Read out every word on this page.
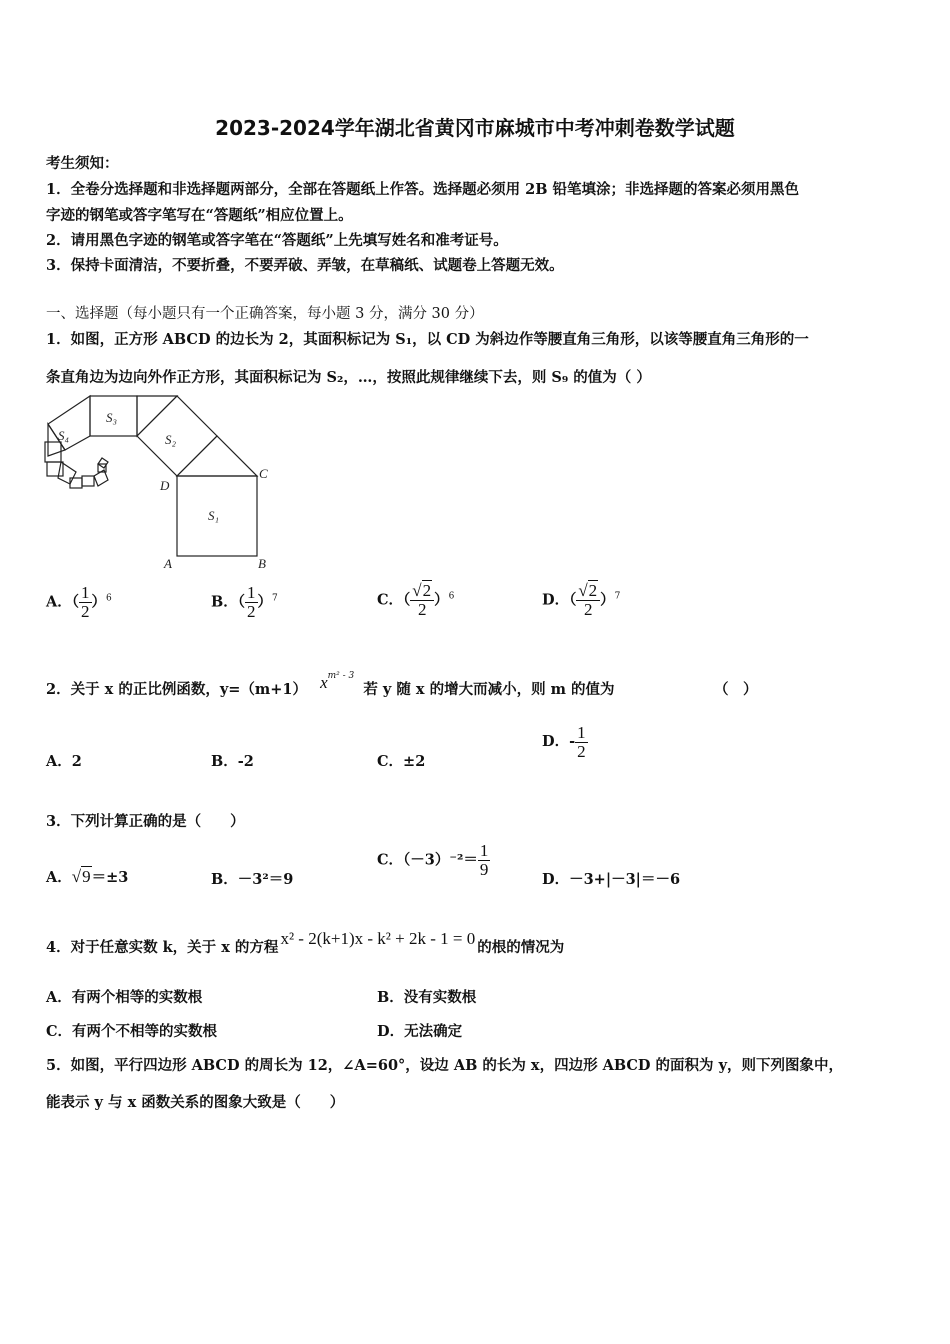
2023-2024学年湖北省黄冈市麻城市中考冲刺卷数学试题
考生须知：
1．全卷分选择题和非选择题两部分，全部在答题纸上作答。选择题必须用 2B 铅笔填涂；非选择题的答案必须用黑色
字迹的钢笔或答字笔写在“答题纸”相应位置上。
2．请用黑色字迹的钢笔或答字笔在“答题纸”上先填写姓名和准考证号。
3．保持卡面清洁，不要折叠，不要弄破、弄皱，在草稿纸、试题卷上答题无效。
一、选择题（每小题只有一个正确答案，每小题 3 分，满分 30 分）
1．如图，正方形 ABCD 的边长为 2，其面积标记为 S₁，以 CD 为斜边作等腰直角三角形，以该等腰直角三角形的一
条直角边为边向外作正方形，其面积标记为 S₂，…，按照此规律继续下去，则 S₉ 的值为（ ）
S₁
S₂
S₃
S₄
A	B
C
D
A．（ $\frac{1}{2} )^6$	B．（ $\frac{1}{2} )^7$	C．（ $\frac{√2}{2} )^6$	D．（ $\frac{√2}{2} )^7$
2．关于 x 的正比例函数，y=（m+1） $x^{m^2 - 3}$ 若 y 随 x 的增大而减小，则 m 的值为	（　）
A．2	B．-2	C．±2
D．- $\frac{1}{2}$
3．下列计算正确的是（　　）
A．√9＝±3	B．－3²＝9
C．$(-3)^{-2}= \frac{1}{9}$
D．－3+|－3|＝－6
4．对于任意实数 k，关于 x 的方程 x² - 2(k+1)x - k² + 2k - 1 = 0 的根的情况为
A．有两个相等的实数根	B．没有实数根
C．有两个不相等的实数根	D．无法确定
5．如图，平行四边形 ABCD 的周长为 12，∠A=60°，设边 AB 的长为 x，四边形 ABCD 的面积为 y，则下列图象中，
能表示 y 与 x 函数关系的图象大致是（　　）
